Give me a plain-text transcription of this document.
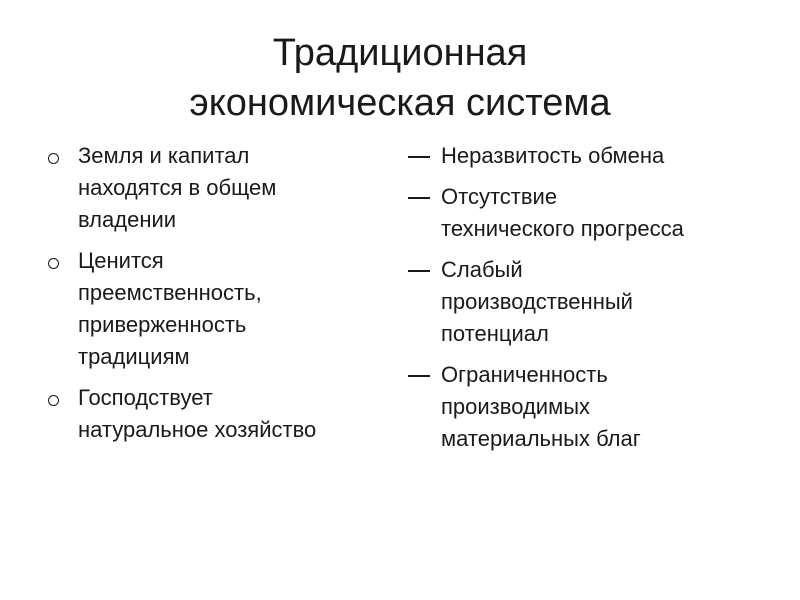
Традиционная
экономическая система
Земля и капитал
находятся в общем
владении
Ценится
преемственность,
приверженность
традициям
Господствует
натуральное хозяйство
Неразвитость обмена
Отсутствие
технического прогресса
Слабый
производственный
потенциал
Ограниченность
производимых
материальных благ
